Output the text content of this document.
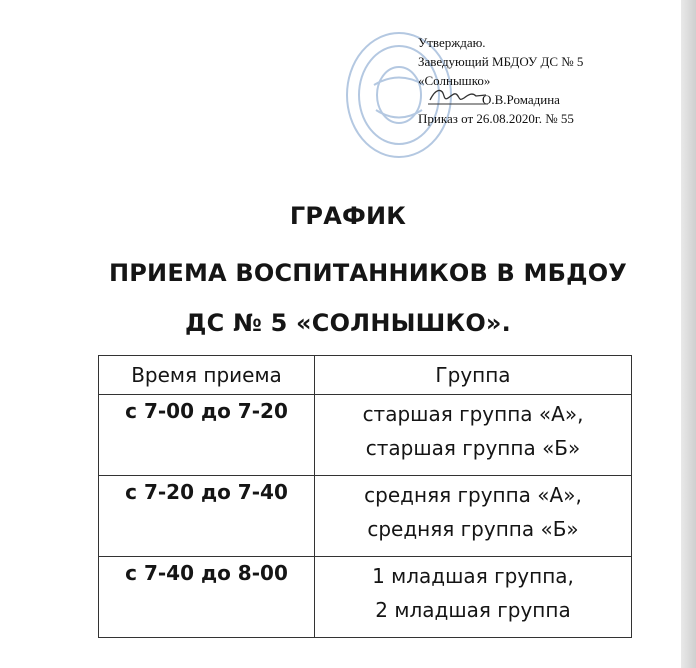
Утверждаю.
Заведующий МБДОУ ДС № 5
«Солнышко»
О.В.Ромадина
Приказ от 26.08.2020г. № 55
ГРАФИК
ПРИЕМА ВОСПИТАННИКОВ В МБДОУ
ДС № 5 «СОЛНЫШКО».
Время приема	Группа
с 7-00 до 7-20	старшая группа «А»,
старшая группа «Б»

с 7-20 до 7-40	средняя группа «А»,
средняя группа «Б»

с 7-40 до 8-00	1 младшая группа,
2 младшая группа
